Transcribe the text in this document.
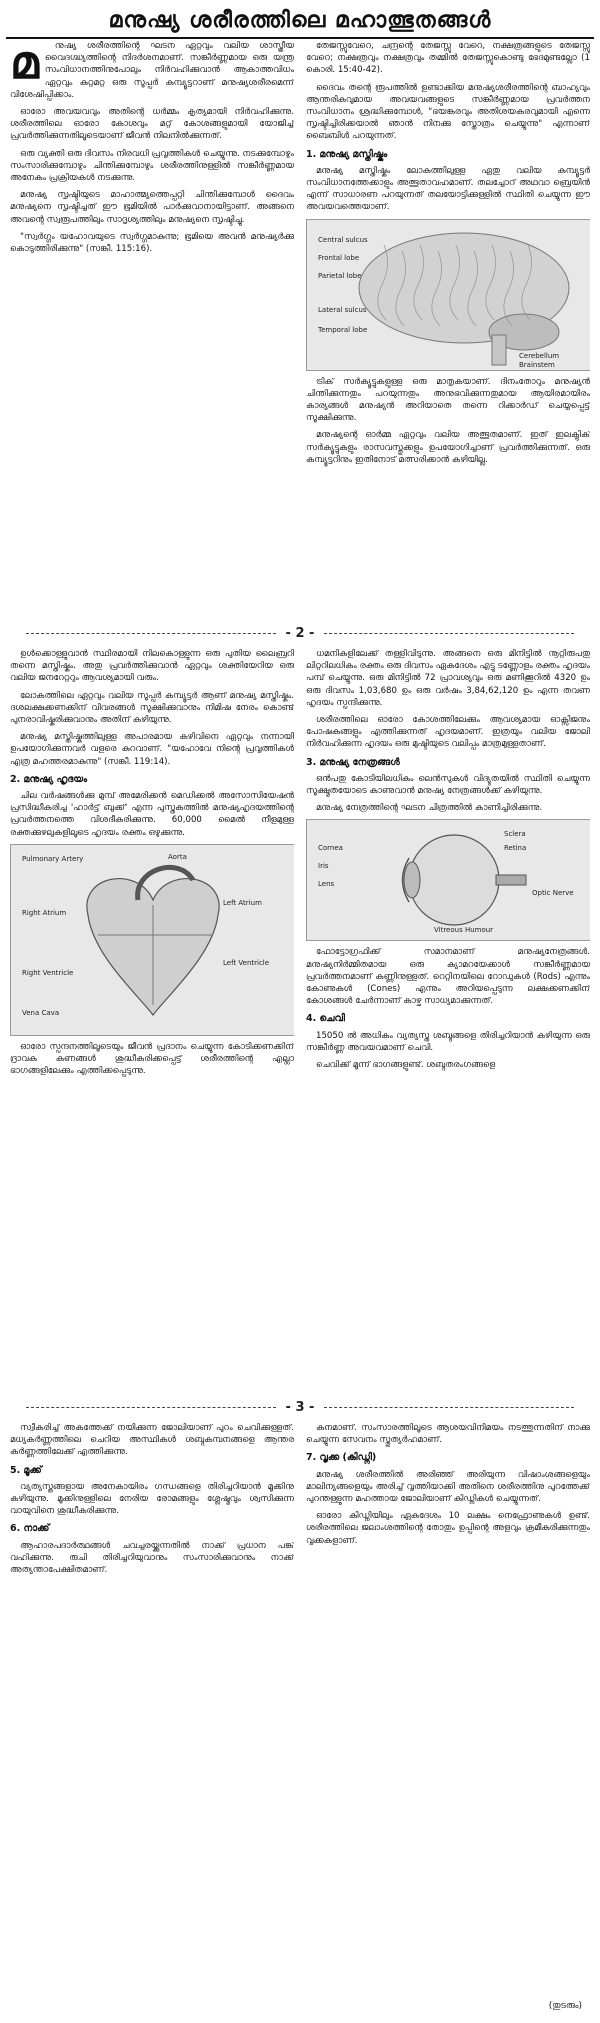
മനുഷ്യ ശരീരത്തിലെ മഹാത്ഭുതങ്ങൾ
മ	നുഷ്യ ശരീരത്തിന്റെ ഘടന ഏറ്റവും വലിയ ശാസ്ത്രീയ വൈദഗ്ദ്ധ്യത്തിന്റെ നിദർശനമാണ്. സങ്കീർണ്ണമായ ഒരു യന്ത്ര സംവിധാനത്തിനുപോലും നിർവഹിക്കുവാൻ ആകാത്തവിധം ഏറ്റവും കുറ്റമറ്റ ഒരു സൂപ്പർ കമ്പ്യൂട്ടറാണ് മനുഷ്യശരീരമെന്ന് വിശേഷിപ്പിക്കാം.

ഓരോ അവയവവും അതിന്റെ ധർമ്മം കൃത്യമായി നിർവഹിക്കുന്നു. ശരീരത്തിലെ ഓരോ കോശവും മറ്റ് കോശങ്ങളുമായി യോജിച്ച് പ്രവർത്തിക്കുന്നതിലൂടെയാണ് ജീവൻ നിലനിൽക്കുന്നത്.

ഒരു വ്യക്തി ഒരു ദിവസം നിരവധി പ്രവൃത്തികൾ ചെയ്യുന്നു. നടക്കുമ്പോഴും സംസാരിക്കുമ്പോഴും ചിന്തിക്കുമ്പോഴും ശരീരത്തിനുള്ളിൽ സങ്കീർണ്ണമായ അനേകം പ്രക്രിയകൾ നടക്കുന്നു.

മനുഷ്യ സൃഷ്ടിയുടെ മാഹാത്മ്യത്തെപ്പറ്റി ചിന്തിക്കുമ്പോൾ ദൈവം മനുഷ്യനെ സൃഷ്ടിച്ചത് ഈ ഭൂമിയിൽ പാർക്കുവാനായിട്ടാണ്. അങ്ങനെ അവന്റെ സ്വരൂപത്തിലും സാദൃശ്യത്തിലും മനുഷ്യനെ സൃഷ്ടിച്ചു.

"സ്വർഗ്ഗം യഹോവയുടെ സ്വർഗ്ഗമാകുന്നു; ഭൂമിയെ അവൻ മനുഷ്യർക്കു കൊടുത്തിരിക്കുന്നു" (സങ്കീ. 115:16).

തേജസ്സുവേറെ, ചന്ദ്രന്റെ തേജസ്സു വേറെ, നക്ഷത്രങ്ങളുടെ തേജസ്സു വേറെ; നക്ഷത്രവും നക്ഷത്രവും തമ്മിൽ തേജസ്സുകൊണ്ടു ഭേദമുണ്ടല്ലോ (1 കൊരി. 15:40-42).

ദൈവം തന്റെ രൂപത്തിൽ ഉണ്ടാക്കിയ മനുഷ്യശരീരത്തിന്റെ ബാഹ്യവും ആന്തരികവുമായ അവയവങ്ങളുടെ സങ്കീർണ്ണമായ പ്രവർത്തന സംവിധാനം ശ്രദ്ധിക്കുമ്പോൾ, "ഭയങ്കരവും അതിശയകരവുമായി എന്നെ സൃഷ്ടിച്ചിരിക്കയാൽ ഞാൻ നിനക്കു സ്തോത്രം ചെയ്യുന്നു" എന്നാണ് ബൈബിൾ പറയുന്നത്.

1. മനുഷ്യ മസ്തിഷ്കം

മനുഷ്യ മസ്തിഷ്കം ലോകത്തിലുള്ള ഏതു വലിയ കമ്പ്യൂട്ടർ സംവിധാനത്തേക്കാളും അത്ഭുതാവഹമാണ്. തലച്ചോറ് അഥവാ ബ്രെയിൻ എന്ന് സാധാരണ പറയുന്നത് തലയോട്ടിക്കുള്ളിൽ സ്ഥിതി ചെയ്യുന്ന ഈ അവയവത്തെയാണ്.

Central sulcus
Frontal lobe
Parietal lobe
Lateral sulcus
Temporal lobe
Cerebellum
Brainstem

ട്രിക് സർക്യൂട്ടുകളുള്ള ഒരു മാതൃകയാണ്. ദിനംതോറും മനുഷ്യൻ ചിന്തിക്കുന്നതും പറയുന്നതും അനുഭവിക്കുന്നതുമായ ആയിരമായിരം കാര്യങ്ങൾ മനുഷ്യൻ അറിയാതെ തന്നെ റിക്കാർഡ് ചെയ്യപ്പെട്ട് സൂക്ഷിക്കുന്നു.

മനുഷ്യന്റെ ഓർമ്മ ഏറ്റവും വലിയ അത്ഭുതമാണ്. ഇത് ഇലക്ട്രിക് സർക്യൂട്ടുകളും രാസവസ്തുക്കളും ഉപയോഗിച്ചാണ് പ്രവർത്തിക്കുന്നത്. ഒരു കമ്പ്യൂട്ടറിനും ഇതിനോട് മത്സരിക്കാൻ കഴിയില്ല.

- 2 -

ഉൾക്കൊള്ളുവാൻ സ്ഥിരമായി നിലകൊള്ളുന്ന ഒരു പുതിയ ലൈബ്രറി തന്നെ മസ്തിഷ്കം. അതു പ്രവർത്തിക്കുവാൻ ഏറ്റവും ശക്തിയേറിയ ഒരു വലിയ ജനറേറ്ററും ആവശ്യമായി വരും.

ലോകത്തിലെ ഏറ്റവും വലിയ സൂപ്പർ കമ്പ്യൂട്ടർ ആണ് മനുഷ്യ മസ്തിഷ്കം. ദശലക്ഷക്കണക്കിന് വിവരങ്ങൾ സൂക്ഷിക്കുവാനും നിമിഷ നേരം കൊണ്ട് പുനരാവിഷ്കരിക്കുവാനും അതിന് കഴിയുന്നു.

മനുഷ്യ മസ്തിഷ്കത്തിലുള്ള അപാരമായ കഴിവിനെ ഏറ്റവും നന്നായി ഉപയോഗിക്കുന്നവർ വളരെ കുറവാണ്. "യഹോവേ നിന്റെ പ്രവൃത്തികൾ എത്ര മഹത്തരമാകുന്നു" (സങ്കീ. 119:14).

2. മനുഷ്യ ഹൃദയം

ചില വർഷങ്ങൾക്കു മുമ്പ് അമേരിക്കൻ മെഡിക്കൽ അസോസിയേഷൻ പ്രസിദ്ധീകരിച്ച 'ഹാർട്ട് ബുക്ക്' എന്ന പുസ്തകത്തിൽ മനുഷ്യഹൃദയത്തിന്റെ പ്രവർത്തനത്തെ വിശദീകരിക്കുന്നു. 60,000 മൈൽ നീളമുള്ള രക്തക്കുഴലുകളിലൂടെ ഹൃദയം രക്തം ഒഴുക്കുന്നു.

Pulmonary Artery	Aorta
Left Atrium
Right Atrium
Left Ventricle
Right Ventricle
Vena Cava

ഓരോ സ്പന്ദനത്തിലൂടെയും ജീവൻ പ്രദാനം ചെയ്യുന്ന കോടിക്കണക്കിന് ദ്രാവക കണങ്ങൾ ശുദ്ധീകരിക്കപ്പെട്ട് ശരീരത്തിന്റെ എല്ലാ ഭാഗങ്ങളിലേക്കും എത്തിക്കപ്പെടുന്നു.

ധമനികളിലേക്ക് തള്ളിവിടുന്നു. അങ്ങനെ ഒരു മിനിട്ടിൽ നൂറ്റിരുപതു ലിറ്ററിലധികം രക്തം ഒരു ദിവസം ഏകദേശം എട്ടു ടണ്ണോളം രക്തം ഹൃദയം പമ്പ് ചെയ്യുന്നു. ഒരു മിനിട്ടിൽ 72 പ്രാവശ്യവും ഒരു മണിക്കൂറിൽ 4320 ഉം ഒരു ദിവസം 1,03,680 ഉം ഒരു വർഷം 3,84,62,120 ഉം എന്ന തവണ ഹൃദയം സ്പന്ദിക്കുന്നു.

ശരീരത്തിലെ ഓരോ കോശത്തിലേക്കും ആവശ്യമായ ഓക്സിജനും പോഷകങ്ങളും എത്തിക്കുന്നത് ഹൃദയമാണ്. ഇത്രയും വലിയ ജോലി നിർവഹിക്കുന്ന ഹൃദയം ഒരു മുഷ്ടിയുടെ വലിപ്പം മാത്രമുള്ളതാണ്.

3. മനുഷ്യ നേത്രങ്ങൾ

ഒൻപതു കോടിയിലധികം ലെൻസുകൾ വിദ്യുതയിൽ സ്ഥിതി ചെയ്യുന്ന സൂക്ഷ്മതയോടെ കാണുവാൻ മനുഷ്യ നേത്രങ്ങൾക്ക് കഴിയുന്നു.

മനുഷ്യ നേത്രത്തിന്റെ ഘടന ചിത്രത്തിൽ കാണിച്ചിരിക്കുന്നു.

Cornea
Iris
Lens
Retina
Optic Nerve
Sclera
Vitreous Humour

ഫോട്ടോഗ്രഫിക്ക് സമാനമാണ് മനുഷ്യനേത്രങ്ങൾ. മനുഷ്യനിർമ്മിതമായ ഒരു ക്യാമറയേക്കാൾ സങ്കീർണ്ണമായ പ്രവർത്തനമാണ് കണ്ണിനുള്ളത്. റെറ്റിനയിലെ റോഡുകൾ (Rods) എന്നും കോണുകൾ (Cones) എന്നും അറിയപ്പെടുന്ന ലക്ഷക്കണക്കിന് കോശങ്ങൾ ചേർന്നാണ് കാഴ്ച സാധ്യമാക്കുന്നത്.

4. ചെവി

15050 ൽ അധികം വ്യത്യസ്ത ശബ്ദങ്ങളെ തിരിച്ചറിയാൻ കഴിയുന്ന ഒരു സങ്കീർണ്ണ അവയവമാണ് ചെവി.

ചെവിക്ക് മൂന്ന് ഭാഗങ്ങളുണ്ട്. ശബ്ദതരംഗങ്ങളെ

- 3 -

സ്വീകരിച്ച് അകത്തേക്ക് നയിക്കുന്ന ജോലിയാണ് പുറം ചെവിക്കുള്ളത്. മധ്യകർണ്ണത്തിലെ ചെറിയ അസ്ഥികൾ ശബ്ദകമ്പനങ്ങളെ ആന്തര കർണ്ണത്തിലേക്ക് എത്തിക്കുന്നു.

5. മൂക്ക്

വ്യത്യസ്തങ്ങളായ അനേകായിരം ഗന്ധങ്ങളെ തിരിച്ചറിയാൻ മൂക്കിനു കഴിയുന്നു. മൂക്കിനുള്ളിലെ നേരിയ രോമങ്ങളും ശ്ലേഷ്മവും ശ്വസിക്കുന്ന വായുവിനെ ശുദ്ധീകരിക്കുന്നു.

6. നാക്ക്

ആഹാരപദാർത്ഥങ്ങൾ ചവച്ചരയ്ക്കുന്നതിൽ നാക്ക് പ്രധാന പങ്ക് വഹിക്കുന്നു. രുചി തിരിച്ചറിയുവാനും സംസാരിക്കുവാനും നാക്ക് അത്യന്താപേക്ഷിതമാണ്.

കനമാണ്. സംസാരത്തിലൂടെ ആശയവിനിമയം നടത്തുന്നതിന് നാക്കു ചെയ്യുന്ന സേവനം സ്തുത്യർഹമാണ്.

7. വൃക്ക (കിഡ്നി)

മനുഷ്യ ശരീരത്തിൽ അരിഞ്ഞ് അരിയുന്ന വിഷാംശങ്ങളെയും മാലിന്യങ്ങളെയും അരിച്ച് വൃത്തിയാക്കി അതിനെ ശരീരത്തിനു പുറത്തേക്ക് പുറന്തള്ളുന്ന മഹത്തായ ജോലിയാണ് കിഡ്നികൾ ചെയ്യുന്നത്.

ഓരോ കിഡ്നിയിലും ഏകദേശം 10 ലക്ഷം നെഫ്രോണുകൾ ഉണ്ട്. ശരീരത്തിലെ ജലാംശത്തിന്റെ തോതും ഉപ്പിന്റെ അളവും ക്രമീകരിക്കുന്നതും വൃക്കകളാണ്.

(തുടരും)
